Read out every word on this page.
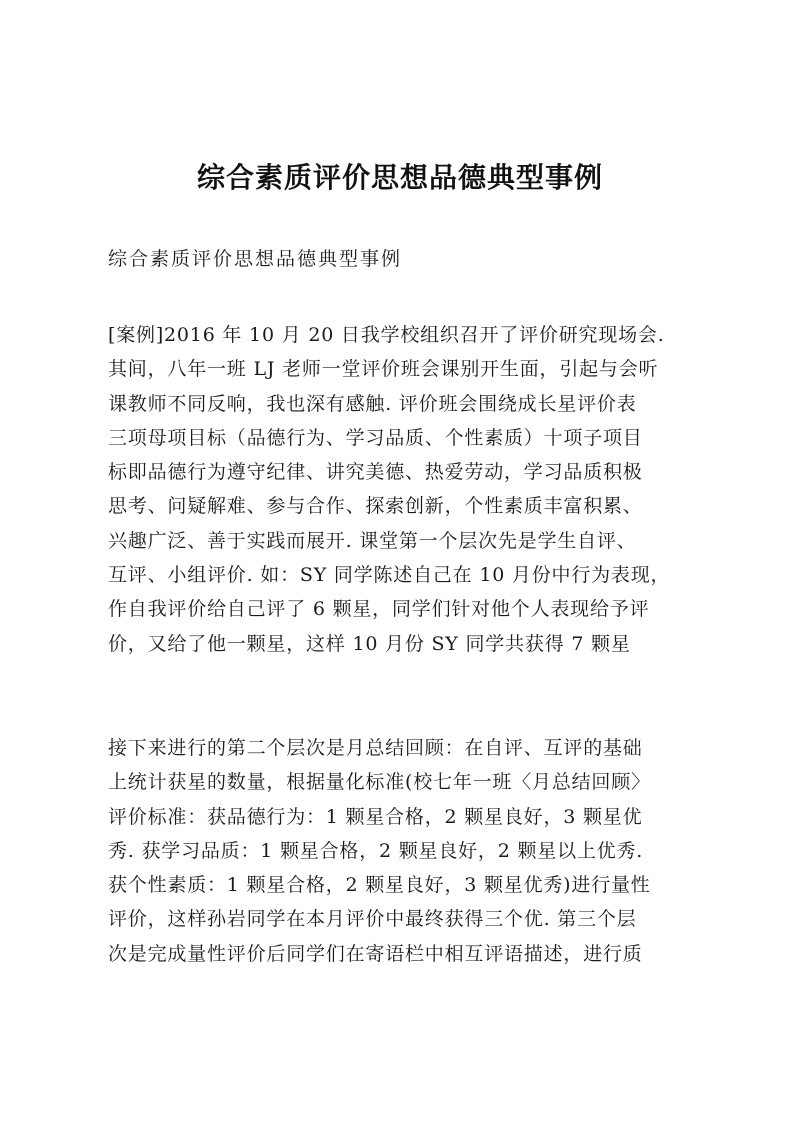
综合素质评价思想品德典型事例
综合素质评价思想品德典型事例
[案例]2016 年 10 月 20 日我学校组织召开了评价研究现场会.
其间，八年一班 LJ 老师一堂评价班会课别开生面，引起与会听
课教师不同反响，我也深有感触. 评价班会围绕成长星评价表
三项母项目标（品德行为、学习品质、个性素质）十项子项目
标即品德行为遵守纪律、讲究美德、热爱劳动，学习品质积极
思考、问疑解难、参与合作、探索创新，个性素质丰富积累、
兴趣广泛、善于实践而展开. 课堂第一个层次先是学生自评、
互评、小组评价. 如：SY 同学陈述自己在 10 月份中行为表现，
作自我评价给自己评了 6 颗星，同学们针对他个人表现给予评
价，又给了他一颗星，这样 10 月份 SY 同学共获得 7 颗星
接下来进行的第二个层次是月总结回顾：在自评、互评的基础
上统计获星的数量，根据量化标准(校七年一班〈月总结回顾〉
评价标准：获品德行为：1 颗星合格，2 颗星良好，3 颗星优
秀. 获学习品质：1 颗星合格，2 颗星良好，2 颗星以上优秀.
获个性素质：1 颗星合格，2 颗星良好，3 颗星优秀)进行量性
评价，这样孙岩同学在本月评价中最终获得三个优. 第三个层
次是完成量性评价后同学们在寄语栏中相互评语描述，进行质
